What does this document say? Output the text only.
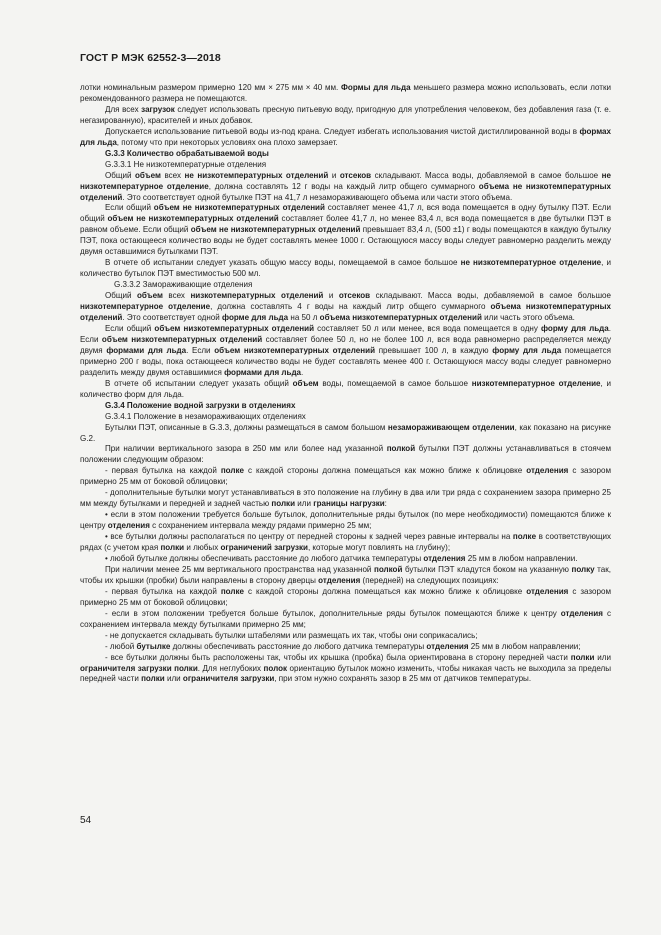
ГОСТ Р МЭК 62552-3—2018

лотки номинальным размером примерно 120 мм × 275 мм × 40 мм. Формы для льда меньшего размера можно использовать, если лотки рекомендованного размера не помещаются.

Для всех загрузок следует использовать пресную питьевую воду, пригодную для употребления человеком, без добавления газа (т. е. негазированную), красителей и иных добавок.

Допускается использование питьевой воды из-под крана. Следует избегать использования чистой дистиллированной воды в формах для льда, потому что при некоторых условиях она плохо замерзает.

G.3.3 Количество обрабатываемой воды

G.3.3.1 Не низкотемпературные отделения

Общий объем всех не низкотемпературных отделений и отсеков складывают. Масса воды, добавляемой в самое большое не низкотемпературное отделение, должна составлять 12 г воды на каждый литр общего суммарного объема не низкотемпературных отделений. Это соответствует одной бутылке ПЭТ на 41,7 л незамораживающего объема или части этого объема.

Если общий объем не низкотемпературных отделений составляет менее 41,7 л, вся вода помещается в одну бутылку ПЭТ. Если общий объем не низкотемпературных отделений составляет более 41,7 л, но менее 83,4 л, вся вода помещается в две бутылки ПЭТ в равном объеме. Если общий объем не низкотемпературных отделений превышает 83,4 л, (500 ±1) г воды помещаются в каждую бутылку ПЭТ, пока остающееся количество воды не будет составлять менее 1000 г. Остающуюся массу воды следует равномерно разделить между двумя оставшимися бутылками ПЭТ.

В отчете об испытании следует указать общую массу воды, помещаемой в самое большое не низкотемпературное отделение, и количество бутылок ПЭТ вместимостью 500 мл.

G.3.3.2 Замораживающие отделения

Общий объем всех низкотемпературных отделений и отсеков складывают. Масса воды, добавляемой в самое большое низкотемпературное отделение, должна составлять 4 г воды на каждый литр общего суммарного объема низкотемпературных отделений. Это соответствует одной форме для льда на 50 л объема низкотемпературных отделений или часть этого объема.

Если общий объем низкотемпературных отделений составляет 50 л или менее, вся вода помещается в одну форму для льда. Если объем низкотемпературных отделений составляет более 50 л, но не более 100 л, вся вода равномерно распределяется между двумя формами для льда. Если объем низкотемпературных отделений превышает 100 л, в каждую форму для льда помещается примерно 200 г воды, пока остающееся количество воды не будет составлять менее 400 г. Остающуюся массу воды следует равномерно разделить между двумя оставшимися формами для льда.

В отчете об испытании следует указать общий объем воды, помещаемой в самое большое низкотемпературное отделение, и количество форм для льда.

G.3.4 Положение водной загрузки в отделениях

G.3.4.1 Положение в незамораживающих отделениях

Бутылки ПЭТ, описанные в G.3.3, должны размещаться в самом большом незамораживающем отделении, как показано на рисунке G.2.

При наличии вертикального зазора в 250 мм или более над указанной полкой бутылки ПЭТ должны устанавливаться в стоячем положении следующим образом:

- первая бутылка на каждой полке с каждой стороны должна помещаться как можно ближе к облицовке отделения с зазором примерно 25 мм от боковой облицовки;

- дополнительные бутылки могут устанавливаться в это положение на глубину в два или три ряда с сохранением зазора примерно 25 мм между бутылками и передней и задней частью полки или границы нагрузки:

• если в этом положении требуется больше бутылок, дополнительные ряды бутылок (по мере необходимости) помещаются ближе к центру отделения с сохранением интервала между рядами примерно 25 мм;

• все бутылки должны располагаться по центру от передней стороны к задней через равные интервалы на полке в соответствующих рядах (с учетом края полки и любых ограничений загрузки, которые могут повлиять на глубину);

• любой бутылке должны обеспечивать расстояние до любого датчика температуры отделения 25 мм в любом направлении.

При наличии менее 25 мм вертикального пространства над указанной полкой бутылки ПЭТ кладутся боком на указанную полку так, чтобы их крышки (пробки) были направлены в сторону дверцы отделения (передней) на следующих позициях:

- первая бутылка на каждой полке с каждой стороны должна помещаться как можно ближе к облицовке отделения с зазором примерно 25 мм от боковой облицовки;

- если в этом положении требуется больше бутылок, дополнительные ряды бутылок помещаются ближе к центру отделения с сохранением интервала между бутылками примерно 25 мм;

- не допускается складывать бутылки штабелями или размещать их так, чтобы они соприкасались;

- любой бутылке должны обеспечивать расстояние до любого датчика температуры отделения 25 мм в любом направлении;

- все бутылки должны быть расположены так, чтобы их крышка (пробка) была ориентирована в сторону передней части полки или ограничителя загрузки полки. Для неглубоких полок ориентацию бутылок можно изменить, чтобы никакая часть не выходила за пределы передней части полки или ограничителя загрузки, при этом нужно сохранять зазор в 25 мм от датчиков температуры.

54
